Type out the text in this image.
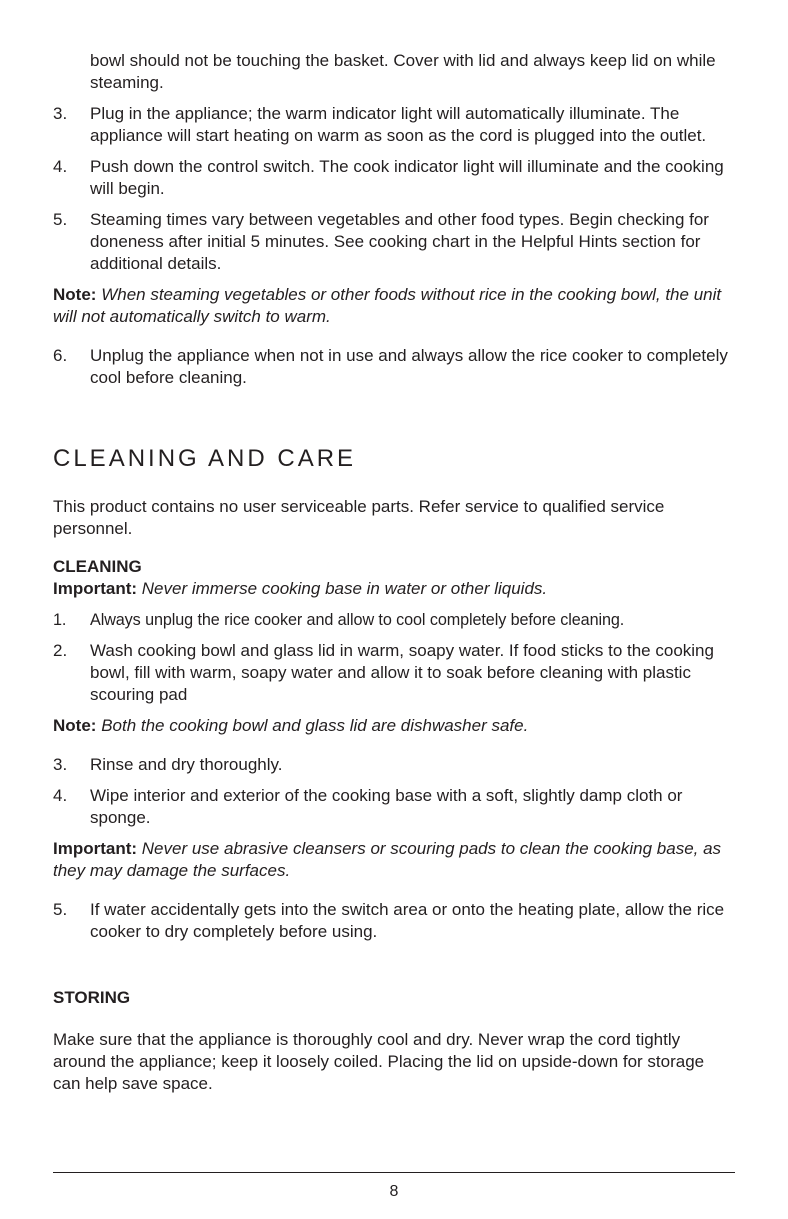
bowl should not be touching the basket. Cover with lid and always keep lid on while steaming.

3. Plug in the appliance; the warm indicator light will automatically illuminate. The appliance will start heating on warm as soon as the cord is plugged into the outlet.
4. Push down the control switch. The cook indicator light will illuminate and the cooking will begin.
5. Steaming times vary between vegetables and other food types. Begin checking for doneness after initial 5 minutes. See cooking chart in the Helpful Hints section for additional details.

Note: When steaming vegetables or other foods without rice in the cooking bowl, the unit will not automatically switch to warm.

6. Unplug the appliance when not in use and always allow the rice cooker to completely cool before cleaning.
CLEANING AND CARE

This product contains no user serviceable parts. Refer service to qualified service personnel.

CLEANING

Important: Never immerse cooking base in water or other liquids.

1. Always unplug the rice cooker and allow to cool completely before cleaning.
2. Wash cooking bowl and glass lid in warm, soapy water. If food sticks to the cooking bowl, fill with warm, soapy water and allow it to soak before cleaning with plastic scouring pad

Note: Both the cooking bowl and glass lid are dishwasher safe.

3. Rinse and dry thoroughly.
4. Wipe interior and exterior of the cooking base with a soft, slightly damp cloth or sponge.

Important: Never use abrasive cleansers or scouring pads to clean the cooking base, as they may damage the surfaces.

5. If water accidentally gets into the switch area or onto the heating plate, allow the rice cooker to dry completely before using.

STORING

Make sure that the appliance is thoroughly cool and dry. Never wrap the cord tightly around the appliance; keep it loosely coiled. Placing the lid on upside-down for storage can help save space.

8
